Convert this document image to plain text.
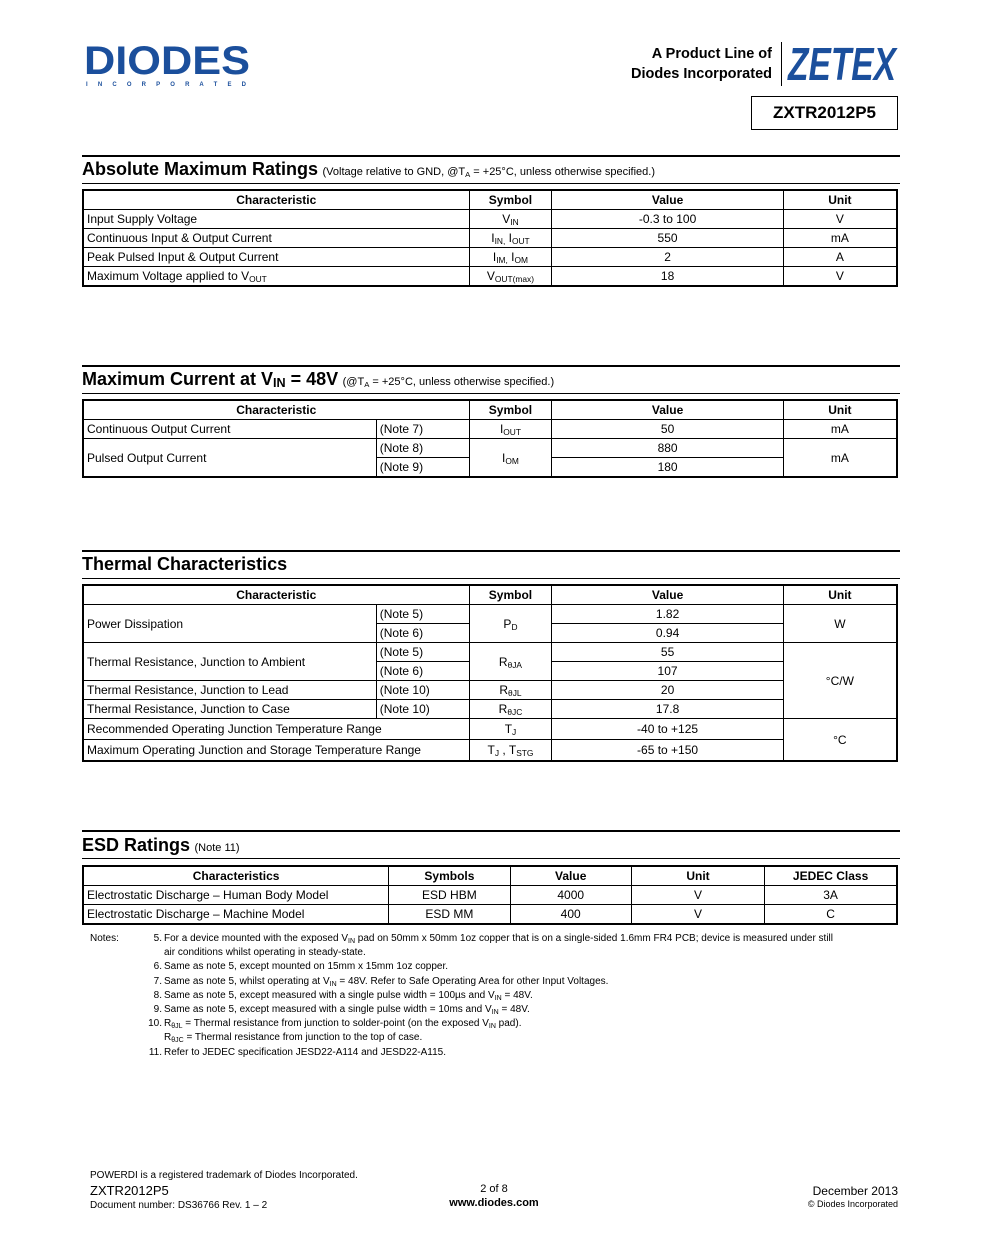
DIODES
I N C O R P O R A T E D
A Product Line of
Diodes Incorporated ZETEX
ZXTR2012P5
Absolute Maximum Ratings (Voltage relative to GND, $@T_A = +25^\circ C$, unless otherwise specified.)
Characteristic	Symbol	Value	Unit
Input Supply Voltage	$V_{IN}$	-0.3 to 100	V
Continuous Input & Output Current	$I_{IN,}$ $I_{OUT}$	550	mA
Peak Pulsed Input & Output Current	$I_{IM,}$ $I_{OM}$	2	A
Maximum Voltage applied to $V_{OUT}$	$V_{OUT(max)}$	18	V
Maximum Current at $V_{IN} = 48V$ ($@T_A = +25^\circ C$, unless otherwise specified.)
Characteristic		Symbol	Value	Unit
Continuous Output Current	(Note 7)	$I_{OUT}$	50	mA
Pulsed Output Current	(Note 8)	$I_{OM}$	880	mA
	(Note 9)		180	
Thermal Characteristics
Characteristic		Symbol	Value	Unit
Power Dissipation	(Note 5)	$P_D$	1.82	W
	(Note 6)		0.94	
Thermal Resistance, Junction to Ambient	(Note 5)	$R_{\theta JA}$	55	°C/W
	(Note 6)		107	
Thermal Resistance, Junction to Lead	(Note 10)	$R_{\theta JL}$	20	
Thermal Resistance, Junction to Case	(Note 10)	$R_{\theta JC}$	17.8	
Recommended Operating Junction Temperature Range		$T_J$	-40 to +125	°C
Maximum Operating Junction and Storage Temperature Range		$T_J$ , $T_{STG}$	-65 to +150	
ESD Ratings (Note 11)
Characteristics	Symbols	Value	Unit	JEDEC Class
Electrostatic Discharge – Human Body Model	ESD HBM	4000	V	3A
Electrostatic Discharge – Machine Model	ESD MM	400	V	C
Notes:	5. For a device mounted with the exposed $V_{IN}$ pad on 50mm x 50mm 1oz copper that is on a single-sided 1.6mm FR4 PCB; device is measured under still
air conditions whilst operating in steady-state.
6. Same as note 5, except mounted on 15mm x 15mm 1oz copper.
7. Same as note 5, whilst operating at $V_{IN} = 48V$. Refer to Safe Operating Area for other Input Voltages.
8. Same as note 5, except measured with a single pulse width = 100µs and $V_{IN} = 48V$.
9. Same as note 5, except measured with a single pulse width = 10ms and $V_{IN} = 48V$.
10. $R_{\theta JL}$ = Thermal resistance from junction to solder-point (on the exposed $V_{IN}$ pad).
$R_{\theta JC}$ = Thermal resistance from junction to the top of case.
11. Refer to JEDEC specification JESD22-A114 and JESD22-A115.
POWERDI is a registered trademark of Diodes Incorporated.
ZXTR2012P5
Document number: DS36766 Rev. 1 – 2
2 of 8
www.diodes.com
December 2013
© Diodes Incorporated
